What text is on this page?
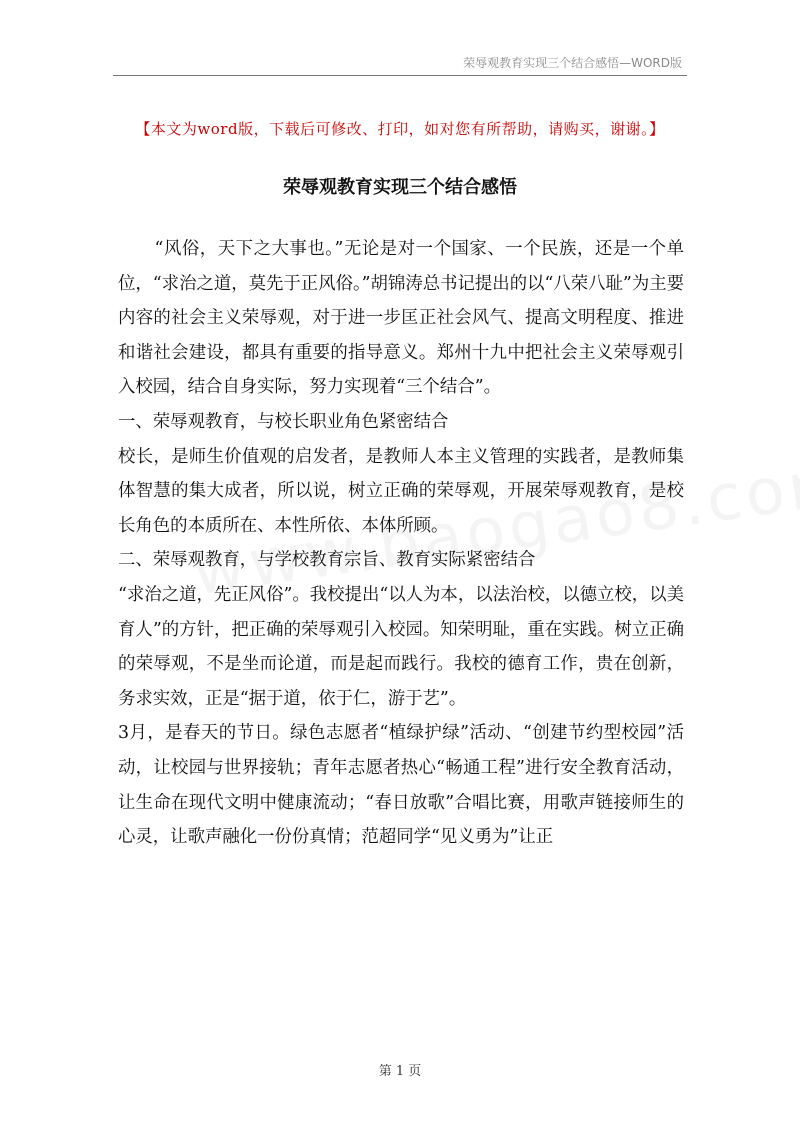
荣辱观教育实现三个结合感悟—WORD版
【本文为word版，下载后可修改、打印，如对您有所帮助，请购买，谢谢。】
荣辱观教育实现三个结合感悟

“风俗，天下之大事也。”无论是对一个国家、一个民族，还是一个单位，“求治之道，莫先于正风俗。”胡锦涛总书记提出的以“八荣八耻”为主要内容的社会主义荣辱观，对于进一步匡正社会风气、提高文明程度、推进和谐社会建设，都具有重要的指导意义。郑州十九中把社会主义荣辱观引入校园，结合自身实际，努力实现着“三个结合”。

一、荣辱观教育，与校长职业角色紧密结合

校长，是师生价值观的启发者，是教师人本主义管理的实践者，是教师集体智慧的集大成者，所以说，树立正确的荣辱观，开展荣辱观教育，是校长角色的本质所在、本性所依、本体所顾。

二、荣辱观教育，与学校教育宗旨、教育实际紧密结合

“求治之道，先正风俗”。我校提出“以人为本，以法治校，以德立校，以美育人”的方针，把正确的荣辱观引入校园。知荣明耻，重在实践。树立正确的荣辱观，不是坐而论道，而是起而践行。我校的德育工作，贵在创新，务求实效，正是“据于道，依于仁，游于艺”。

3月，是春天的节日。绿色志愿者“植绿护绿”活动、“创建节约型校园”活动，让校园与世界接轨；青年志愿者热心“畅通工程”进行安全教育活动，让生命在现代文明中健康流动；“春日放歌”合唱比赛，用歌声链接师生的心灵，让歌声融化一份份真情；范超同学“见义勇为”让正

第 1 页
